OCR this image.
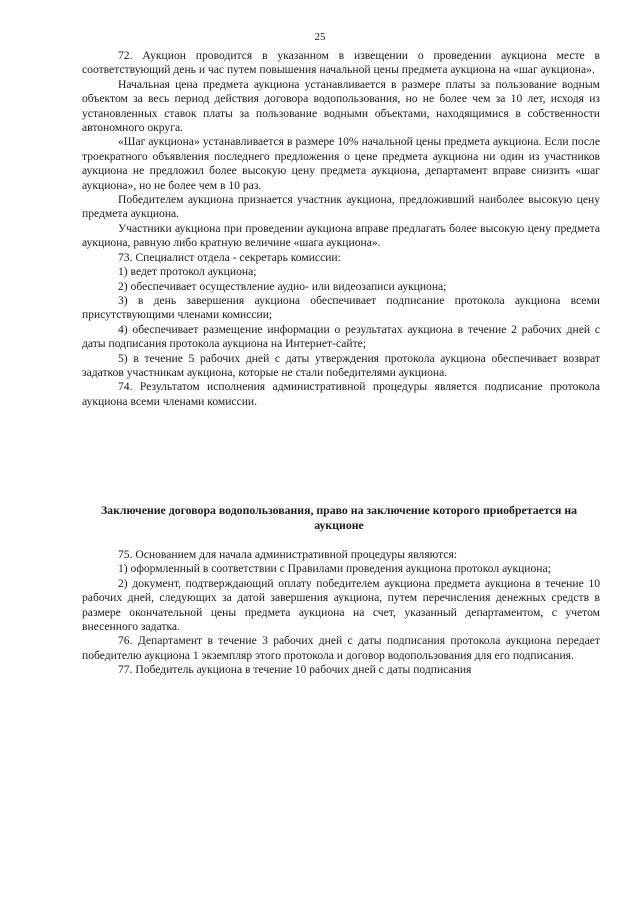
25

72. Аукцион проводится в указанном в извещении о проведении аукциона месте в соответствующий день и час путем повышения начальной цены предмета аукциона на «шаг аукциона».

Начальная цена предмета аукциона устанавливается в размере платы за пользование водным объектом за весь период действия договора водопользования, но не более чем за 10 лет, исходя из установленных ставок платы за пользование водными объектами, находящимися в собственности автономного округа.

«Шаг аукциона» устанавливается в размере 10% начальной цены предмета аукциона. Если после троекратного объявления последнего предложения о цене предмета аукциона ни один из участников аукциона не предложил более высокую цену предмета аукциона, департамент вправе снизить «шаг аукциона», но не более чем в 10 раз.

Победителем аукциона признается участник аукциона, предложивший наиболее высокую цену предмета аукциона.

Участники аукциона при проведении аукциона вправе предлагать более высокую цену предмета аукциона, равную либо кратную величине «шага аукциона».

73. Специалист отдела - секретарь комиссии:

1) ведет протокол аукциона;

2) обеспечивает осуществление аудио- или видеозаписи аукциона;

3) в день завершения аукциона обеспечивает подписание протокола аукциона всеми присутствующими членами комиссии;

4) обеспечивает размещение информации о результатах аукциона в течение 2 рабочих дней с даты подписания протокола аукциона на Интернет-сайте;

5) в течение 5 рабочих дней с даты утверждения протокола аукциона обеспечивает возврат задатков участникам аукциона, которые не стали победителями аукциона.

74. Результатом исполнения административной процедуры является подписание протокола аукциона всеми членами комиссии.

Заключение договора водопользования, право на заключение которого приобретается на аукционе

75. Основанием для начала административной процедуры являются:

1) оформленный в соответствии с Правилами проведения аукциона протокол аукциона;

2) документ, подтверждающий оплату победителем аукциона предмета аукциона в течение 10 рабочих дней, следующих за датой завершения аукциона, путем перечисления денежных средств в размере окончательной цены предмета аукциона на счет, указанный департаментом, с учетом внесенного задатка.

76. Департамент в течение 3 рабочих дней с даты подписания протокола аукциона передает победителю аукциона 1 экземпляр этого протокола и договор водопользования для его подписания.

77. Победитель аукциона в течение 10 рабочих дней с даты подписания
